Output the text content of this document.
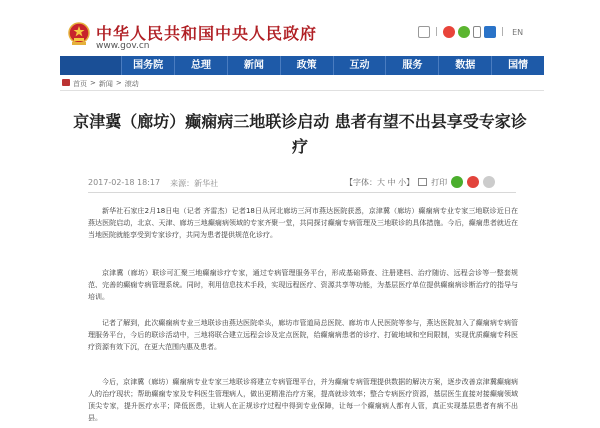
中华人民共和国中央人民政府
www.gov.cn
|	| EN
国务院	总理	新闻	政策	互动	服务	数据	国情
首页 > 新闻 > 滚动
京津冀（廊坊）癫痫病三地联诊启动 患者有望不出县享受专家诊疗
2017-02-18 18:17 来源：新华社	【字体：大 中 小】 打印

新华社石家庄2月18日电（记者 齐雷杰）记者18日从河北廊坊三河市燕达医院获悉，京津冀（廊坊）癫痫病专业专家三地联诊近日在燕达医院启动，北京、天津、廊坊三地癫痫病领域的专家齐聚一堂，共同探讨癫痫专病管理及三地联诊的具体措施。今后，癫痫患者就近在当地医院就能享受到专家诊疗，共同为患者提供规范化诊疗。

京津冀（廊坊）联诊可汇聚三地癫痫诊疗专家，通过专病管理服务平台，形成基础筛查、注册建档、治疗随访、远程会诊等一整套规范、完善的癫痫专病管理系统。同时，利用信息技术手段，实现远程医疗、资源共享等功能，为基层医疗单位提供癫痫病诊断治疗的指导与培训。

记者了解到，此次癫痫病专业三地联诊由燕达医院牵头，廊坊市管道局总医院、廊坊市人民医院等参与，燕达医院加入了癫痫病专病管理服务平台，今后的联诊活动中，三地将联合建立远程会诊及定点医院，给癫痫病患者的诊疗、打破地域和空间限制，实现优质癫痫专科医疗资源有效下沉，在更大范围内惠及患者。

今后，京津冀（廊坊）癫痫病专业专家三地联诊将建立专病管理平台，并为癫痫专病管理提供数据的解决方案，逐步改善京津冀癫痫病人的治疗现状；帮助癫痫专家及专科医生管理病人，做出更精准治疗方案，提高就诊效率；整合专病医疗资源，基层医生直接对接癫痫领域顶尖专家，提升医疗水平；降低医患，让病人在正规诊疗过程中得到专业保障，让每一个癫痫病人都有人管，真正实现基层患者有病不出县。
